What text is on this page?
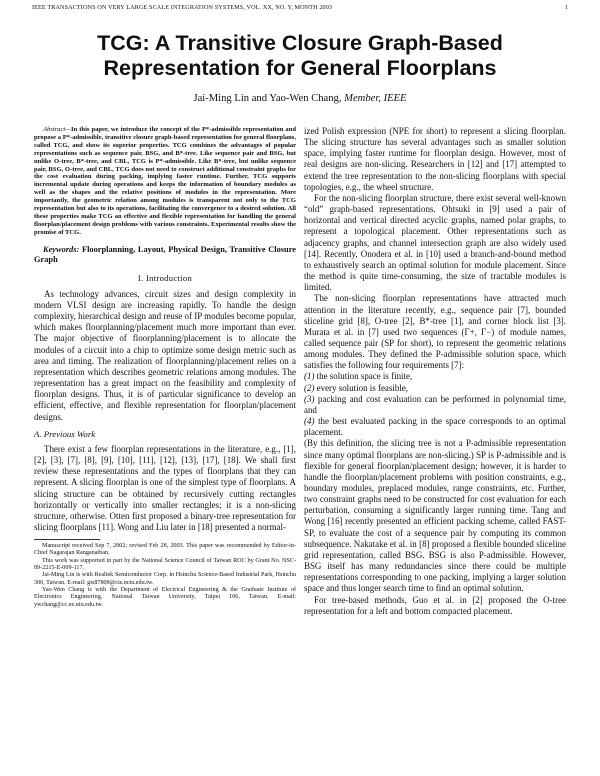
IEEE TRANSACTIONS ON VERY LARGE SCALE INTEGRATION SYSTEMS, VOL. XX, NO. Y, MONTH 2003	1
TCG: A Transitive Closure Graph-Based
Representation for General Floorplans
Jai-Ming Lin and Yao-Wen Chang, Member, IEEE

Abstract—In this paper, we introduce the concept of the P*-admissible representation and propose a P*-admissible, transitive closure graph-based representation for general floorplans, called TCG, and show its superior properties. TCG combines the advantages of popular representations such as sequence pair, BSG, and B*-tree. Like sequence pair and BSG, but unlike O-tree, B*-tree, and CBL, TCG is P*-admissible. Like B*-tree, but unlike sequence pair, BSG, O-tree, and CBL, TCG does not need to construct additional constraint graphs for the cost evaluation during packing, implying faster runtime. Further, TCG supports incremental update during operations and keeps the information of boundary modules as well as the shapes and the relative positions of modules in the representation. More importantly, the geometric relation among modules is transparent not only to the TCG representation but also to its operations, facilitating the convergence to a desired solution. All these properties make TCG an effective and flexible representation for handling the general floorplan/placement design problems with various constraints. Experimental results show the promise of TCG.

Keywords: Floorplanning, Layout, Physical Design, Transitive Closure Graph

I. Introduction

As technology advances, circuit sizes and design complexity in modern VLSI design are increasing rapidly. To handle the design complexity, hierarchical design and reuse of IP modules become popular, which makes floorplanning/placement much more important than ever. The major objective of floorplanning/placement is to allocate the modules of a circuit into a chip to optimize some design metric such as area and timing. The realization of floorplanning/placement relies on a representation which describes geometric relations among modules. The representation has a great impact on the feasibility and complexity of floorplan designs. Thus, it is of particular significance to develop an efficient, effective, and flexible representation for floorplan/placement designs.

A. Previous Work

There exist a few floorplan representations in the literature, e.g., [1], [2], [3], [7], [8], [9], [10], [11], [12], [13], [17], [18]. We shall first review these representations and the types of floorplans that they can represent. A slicing floorplan is one of the simplest type of floorplans. A slicing structure can be obtained by recursively cutting rectangles horizontally or vertically into smaller rectangles; it is a non-slicing structure, otherwise. Otten first proposed a binary-tree representation for slicing floorplans [11]. Wong and Liu later in [18] presented a normal-

Manuscript received Sep 7, 2002; revised Feb 28, 2003. This paper was recommended by Editor-in-Chief Nagarajan Ranganathan.

This work was supported in part by the National Science Council of Taiwan ROC by Grant No. NSC-89-2215-E-009-117.

Jai-Ming Lin is with Realtek Semiconductor Corp. in Hsinchu Science-Based Industrial Park, Hsinchu 300, Taiwan. E-mail: gis87808@cis.nctu.edu.tw.

Yao-Wen Chang is with the Department of Electrical Engineering & the Graduate Institute of Electronics Engineering, National Taiwan University, Taipei 106, Taiwan. E-mail: ywchang@cc.ee.ntu.edu.tw.

ized Polish expression (NPE for short) to represent a slicing floorplan. The slicing structure has several advantages such as smaller solution space, implying faster runtime for floorplan design. However, most of real designs are non-slicing. Researchers in [12] and [17] attempted to extend the tree representation to the non-slicing floorplans with special topologies, e.g., the wheel structure.

For the non-slicing floorplan structure, there exist several well-known “old” graph-based representations. Ohtsuki in [9] used a pair of horizontal and vertical directed acyclic graphs, named polar graphs, to represent a topological placement. Other representations such as adjacency graphs, and channel intersection graph are also widely used [14]. Recently, Onodera et al. in [10] used a branch-and-bound method to exhaustively search an optimal solution for module placement. Since the method is quite time-consuming, the size of tractable modules is limited.

The non-slicing floorplan representations have attracted much attention in the literature recently, e.g., sequence pair [7], bounded sliceline grid [8], O-tree [2], B*-tree [1], and corner block list [3]. Murata et al. in [7] used two sequences (Γ+, Γ−) of module names, called sequence pair (SP for short), to represent the geometric relations among modules. They defined the P-admissible solution space, which satisfies the following four requirements [7]:

(1) the solution space is finite,

(2) every solution is feasible,

(3) packing and cost evaluation can be performed in polynomial time, and

(4) the best evaluated packing in the space corresponds to an optimal placement.

(By this definition, the slicing tree is not a P-admissible representation since many optimal floorplans are non-slicing.) SP is P-admissible and is flexible for general floorplan/placement design; however, it is harder to handle the floorplan/placement problems with position constraints, e.g., boundary modules, preplaced modules, range constraints, etc. Further, two constraint graphs need to be constructed for cost evaluation for each perturbation, consuming a significantly larger running time. Tang and Wong [16] recently presented an efficient packing scheme, called FAST-SP, to evaluate the cost of a sequence pair by computing its common subsequence. Nakatake et al. in [8] proposed a flexible bounded sliceline grid representation, called BSG. BSG is also P-admissible. However, BSG itself has many redundancies since there could be multiple representations corresponding to one packing, implying a larger solution space and thus longer search time to find an optimal solution.

For tree-based methods, Guo et al. in [2] proposed the O-tree representation for a left and bottom compacted placement.
